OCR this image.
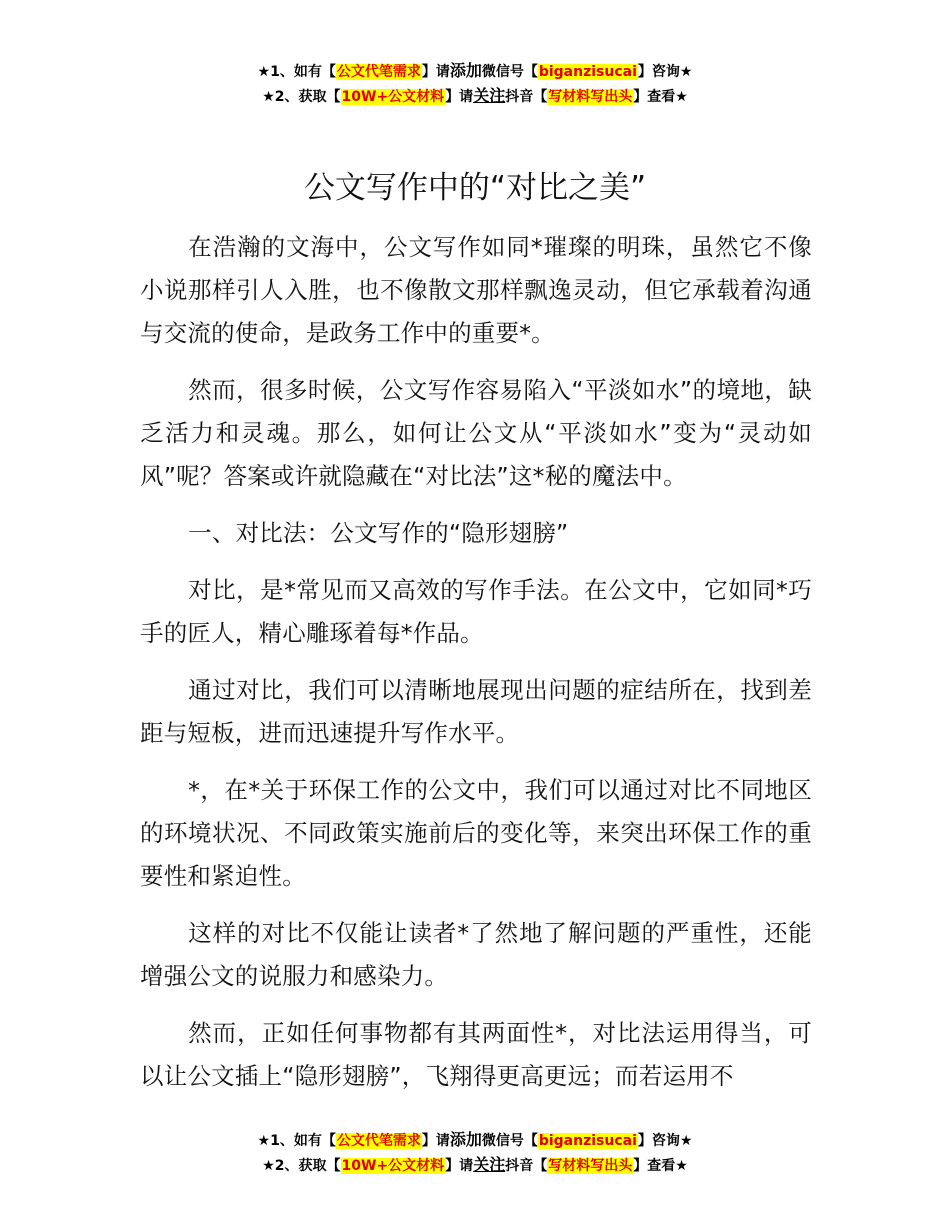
★1、如有【公文代笔需求】请添加微信号【biganzisucai】咨询★
★2、获取【10W+公文材料】请关注抖音【写材料写出头】查看★
公文写作中的“对比之美”

在浩瀚的文海中，公文写作如同*璀璨的明珠，虽然它不像小说那样引人入胜，也不像散文那样飘逸灵动，但它承载着沟通与交流的使命，是政务工作中的重要*。

然而，很多时候，公文写作容易陷入“平淡如水”的境地，缺乏活力和灵魂。那么，如何让公文从“平淡如水”变为“灵动如风”呢？答案或许就隐藏在“对比法”这*秘的魔法中。

一、对比法：公文写作的“隐形翅膀”

对比，是*常见而又高效的写作手法。在公文中，它如同*巧手的匠人，精心雕琢着每*作品。

通过对比，我们可以清晰地展现出问题的症结所在，找到差距与短板，进而迅速提升写作水平。

*，在*关于环保工作的公文中，我们可以通过对比不同地区的环境状况、不同政策实施前后的变化等，来突出环保工作的重要性和紧迫性。

这样的对比不仅能让读者*了然地了解问题的严重性，还能增强公文的说服力和感染力。

然而，正如任何事物都有其两面性*，对比法运用得当，可以让公文插上“隐形翅膀”，飞翔得更高更远；而若运用不

★1、如有【公文代笔需求】请添加微信号【biganzisucai】咨询★
★2、获取【10W+公文材料】请关注抖音【写材料写出头】查看★
